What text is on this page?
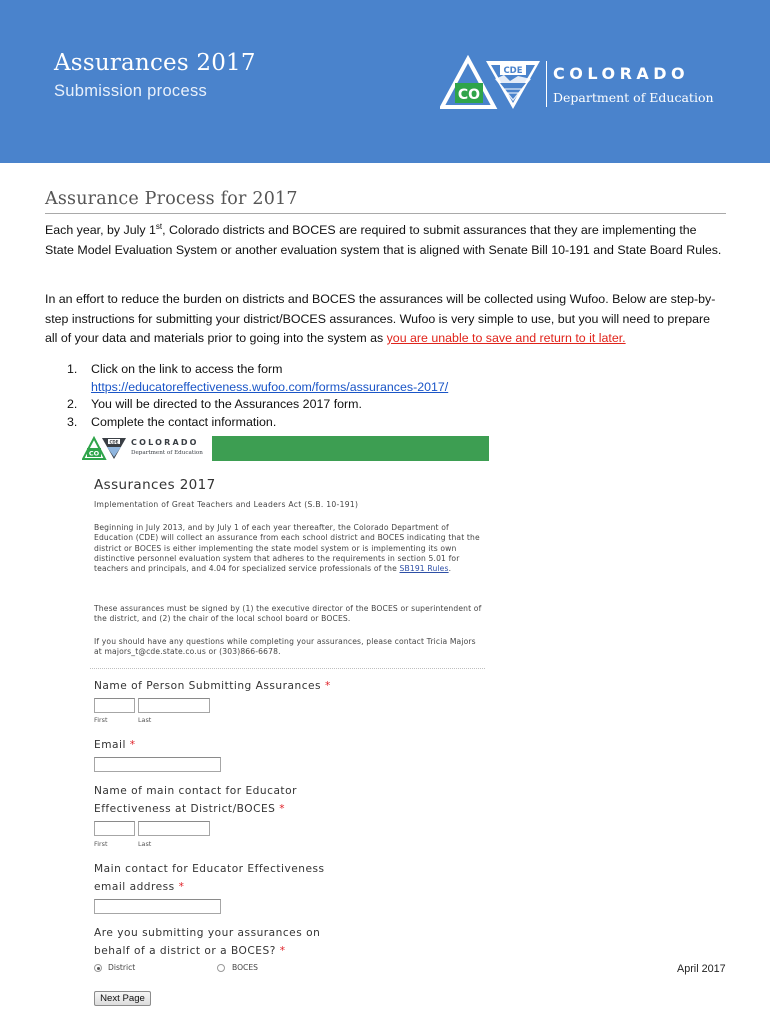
Assurances 2017
Submission process	CO
CDE COLORADO
Department of Education
Assurance Process for 2017

Each year, by July 1st, Colorado districts and BOCES are required to submit assurances that they are implementing the State Model Evaluation System or another evaluation system that is aligned with Senate Bill 10-191 and State Board Rules.

In an effort to reduce the burden on districts and BOCES the assurances will be collected using Wufoo. Below are step-by-step instructions for submitting your district/BOCES assurances. Wufoo is very simple to use, but you will need to prepare all of your data and materials prior to going into the system as you are unable to save and return to it later.

1. Click on the link to access the form
https://educatoreffectiveness.wufoo.com/forms/assurances-2017/
2. You will be directed to the Assurances 2017 form.
3. Complete the contact information.
CO
CDE COLORADO
Department of Education
Assurances 2017
Implementation of Great Teachers and Leaders Act (S.B. 10-191)

Beginning in July 2013, and by July 1 of each year thereafter, the Colorado Department of Education (CDE) will collect an assurance from each school district and BOCES indicating that the district or BOCES is either implementing the state model system or is implementing its own distinctive personnel evaluation system that adheres to the requirements in section 5.01 for teachers and principals, and 4.04 for specialized service professionals of the SB191 Rules.

These assurances must be signed by (1) the executive director of the BOCES or superintendent of the district, and (2) the chair of the local school board or BOCES.

If you should have any questions while completing your assurances, please contact Tricia Majors at majors_t@cde.state.co.us or (303)866-6678.

Name of Person Submitting Assurances *
First	Last
Email *
Name of main contact for Educator
Effectiveness at District/BOCES *
First	Last
Main contact for Educator Effectiveness
email address *
Are you submitting your assurances on
behalf of a district or a BOCES? *
District	BOCES
Next Page
April 2017
